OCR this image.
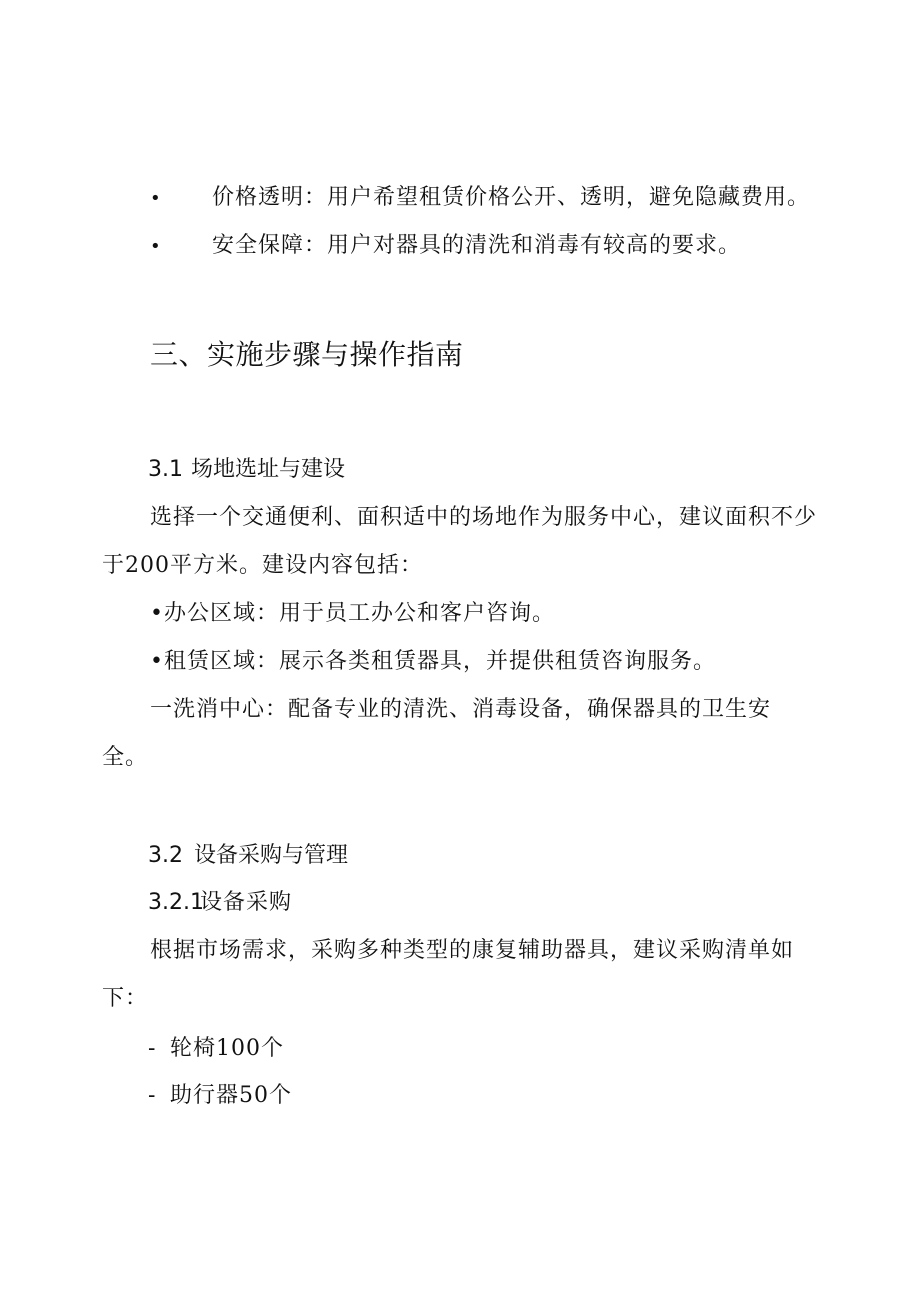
• 价格透明：用户希望租赁价格公开、透明，避免隐藏费用。
• 安全保障：用户对器具的清洗和消毒有较高的要求。
三、实施步骤与操作指南
3.1 场地选址与建设
选择一个交通便利、面积适中的场地作为服务中心，建议面积不少
于200平方米。建设内容包括：
•办公区域：用于员工办公和客户咨询。
•租赁区域：展示各类租赁器具，并提供租赁咨询服务。
一洗消中心：配备专业的清洗、消毒设备，确保器具的卫生安
全。
3.2 设备采购与管理
3.2.1
设备采购
根据市场需求，采购多种类型的康复辅助器具，建议采购清单如
下：
- 轮椅100个
- 助行器50个
